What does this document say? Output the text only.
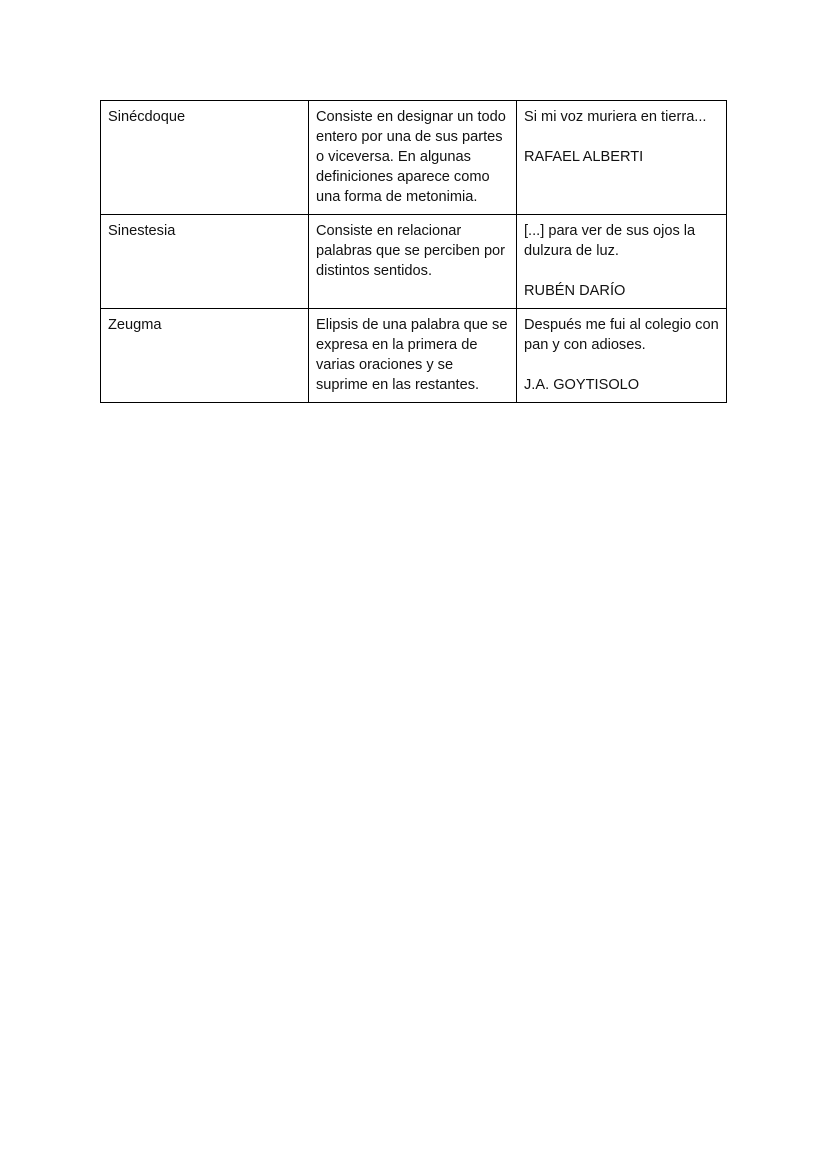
Sinécdoque	Consiste en designar un todo entero por una de sus partes o viceversa. En algunas definiciones aparece como una forma de metonimia.	Si mi voz muriera en tierra...
RAFAEL ALBERTI

Sinestesia	Consiste en relacionar palabras que se perciben por distintos sentidos.	[...] para ver de sus ojos la dulzura de luz.
RUBÉN DARÍO

Zeugma	Elipsis de una palabra que se expresa en la primera de varias oraciones y se suprime en las restantes.	Después me fui al colegio con pan y con adioses.
J.A. GOYTISOLO
